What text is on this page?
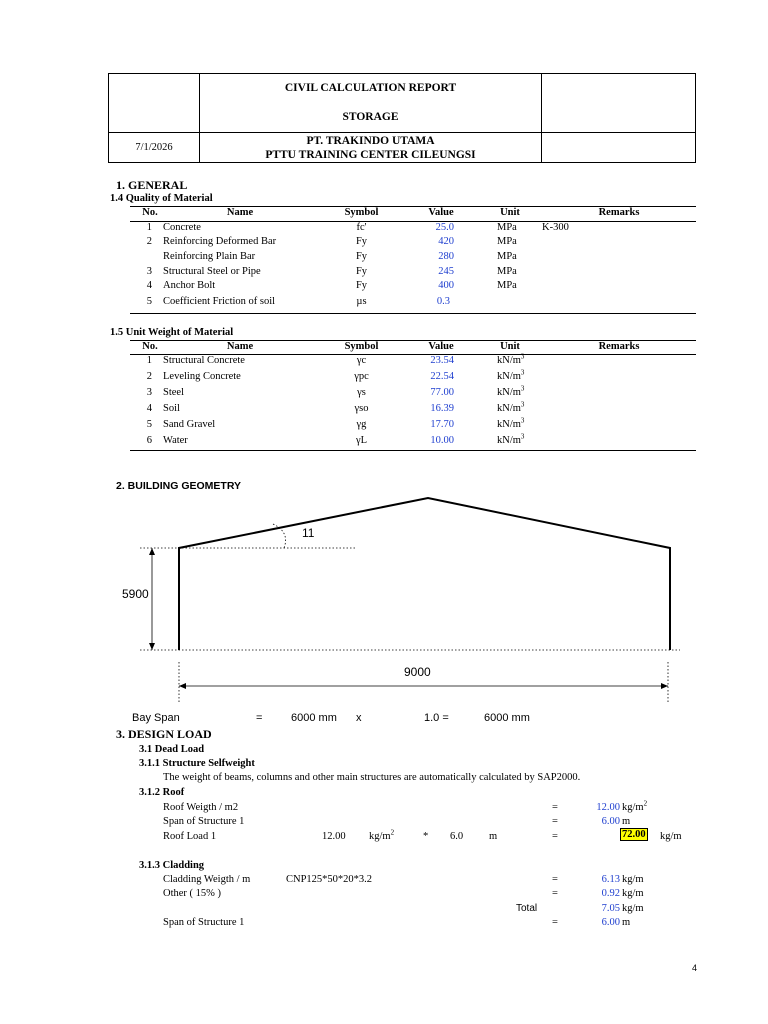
CIVIL CALCULATION REPORT
STORAGE
7/1/2026
PT. TRAKINDO UTAMA
PTTU TRAINING CENTER CILEUNGSI
1. GENERAL
1.4 Quality of Material
No.	Name	Symbol	Value	Unit	Remarks
1 Concrete	fc'	25.0	MPa K-300
2 Reinforcing Deformed Bar	Fy	420	MPa
Reinforcing Plain Bar	Fy	280	MPa
3 Structural Steel or Pipe	Fy	245	MPa
4 Anchor Bolt	Fy	400	MPa
5 Coefficient Friction of soil	µs	0.3
1.5 Unit Weight of Material
No.	Name	Symbol	Value	Unit	Remarks
1 Structural Concrete	γc	23.54	$kN/m^3$
2 Leveling Concrete	γpc	22.54	$kN/m^3$
3 Steel	γs	77.00	$kN/m^3$
4 Soil	γso	16.39	$kN/m^3$
5 Sand Gravel	γg	17.70	$kN/m^3$
6 Water	γL	10.00	$kN/m^3$
2. BUILDING GEOMETRY
11
5900
9000
Bay Span	=	6000 mm x	1.0 =	6000 mm
3. DESIGN LOAD
3.1 Dead Load
3.1.1 Structure Selfweight
The weight of beams, columns and other main structures are automatically calculated by SAP2000.
3.1.2 Roof
Roof Weigth / m2	=	12.00 $kg/m^2$
Span of Structure 1	=	6.00 m
Roof Load 1	12.00 $kg/m^2$	* 6.0 m	=	72.00 kg/m
3.1.3 Cladding
Cladding Weigth / m	CNP125*50*20*3.2	=	6.13 kg/m
Other ( 15% )	=	0.92 kg/m
Total	7.05 kg/m
Span of Structure 1	=	6.00 m
4
